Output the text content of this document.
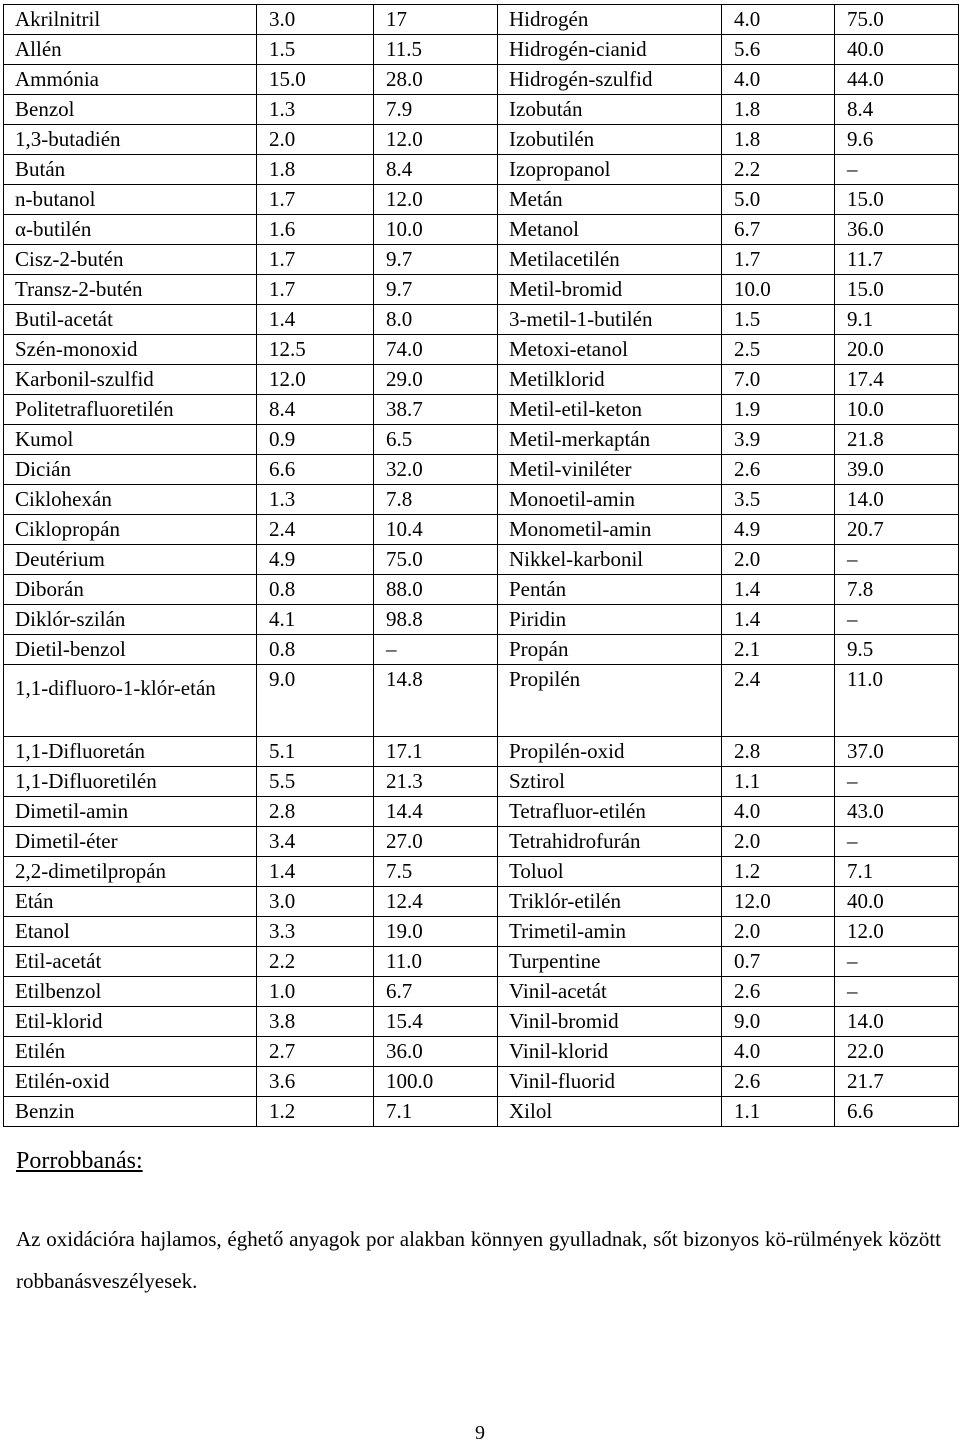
Akrilnitril	3.0	17	Hidrogén	4.0	75.0
Allén	1.5	11.5	Hidrogén-cianid	5.6	40.0
Ammónia	15.0	28.0	Hidrogén-szulfid	4.0	44.0
Benzol	1.3	7.9	Izobután	1.8	8.4
1,3-butadién	2.0	12.0	Izobutilén	1.8	9.6
Bután	1.8	8.4	Izopropanol	2.2	–
n-butanol	1.7	12.0	Metán	5.0	15.0
α-butilén	1.6	10.0	Metanol	6.7	36.0
Cisz-2-butén	1.7	9.7	Metilacetilén	1.7	11.7
Transz-2-butén	1.7	9.7	Metil-bromid	10.0	15.0
Butil-acetát	1.4	8.0	3-metil-1-butilén	1.5	9.1
Szén-monoxid	12.5	74.0	Metoxi-etanol	2.5	20.0
Karbonil-szulfid	12.0	29.0	Metilklorid	7.0	17.4
Politetrafluoretilén	8.4	38.7	Metil-etil-keton	1.9	10.0
Kumol	0.9	6.5	Metil-merkaptán	3.9	21.8
Dicián	6.6	32.0	Metil-viniléter	2.6	39.0
Ciklohexán	1.3	7.8	Monoetil-amin	3.5	14.0
Ciklopropán	2.4	10.4	Monometil-amin	4.9	20.7
Deutérium	4.9	75.0	Nikkel-karbonil	2.0	–
Diborán	0.8	88.0	Pentán	1.4	7.8
Diklór-szilán	4.1	98.8	Piridin	1.4	–
Dietil-benzol	0.8	–	Propán	2.1	9.5
1,1-difluoro-1-klór-etán	9.0	14.8	Propilén	2.4	11.0
1,1-Difluoretán	5.1	17.1	Propilén-oxid	2.8	37.0
1,1-Difluoretilén	5.5	21.3	Sztirol	1.1	–
Dimetil-amin	2.8	14.4	Tetrafluor-etilén	4.0	43.0
Dimetil-éter	3.4	27.0	Tetrahidrofurán	2.0	–
2,2-dimetilpropán	1.4	7.5	Toluol	1.2	7.1
Etán	3.0	12.4	Triklór-etilén	12.0	40.0
Etanol	3.3	19.0	Trimetil-amin	2.0	12.0
Etil-acetát	2.2	11.0	Turpentine	0.7	–
Etilbenzol	1.0	6.7	Vinil-acetát	2.6	–
Etil-klorid	3.8	15.4	Vinil-bromid	9.0	14.0
Etilén	2.7	36.0	Vinil-klorid	4.0	22.0
Etilén-oxid	3.6	100.0	Vinil-fluorid	2.6	21.7
Benzin	1.2	7.1	Xilol	1.1	6.6
Porrobbanás:

Az oxidációra hajlamos, éghető anyagok por alakban könnyen gyulladnak, sőt bizonyos kö-rülmények között robbanásveszélyesek.

9
